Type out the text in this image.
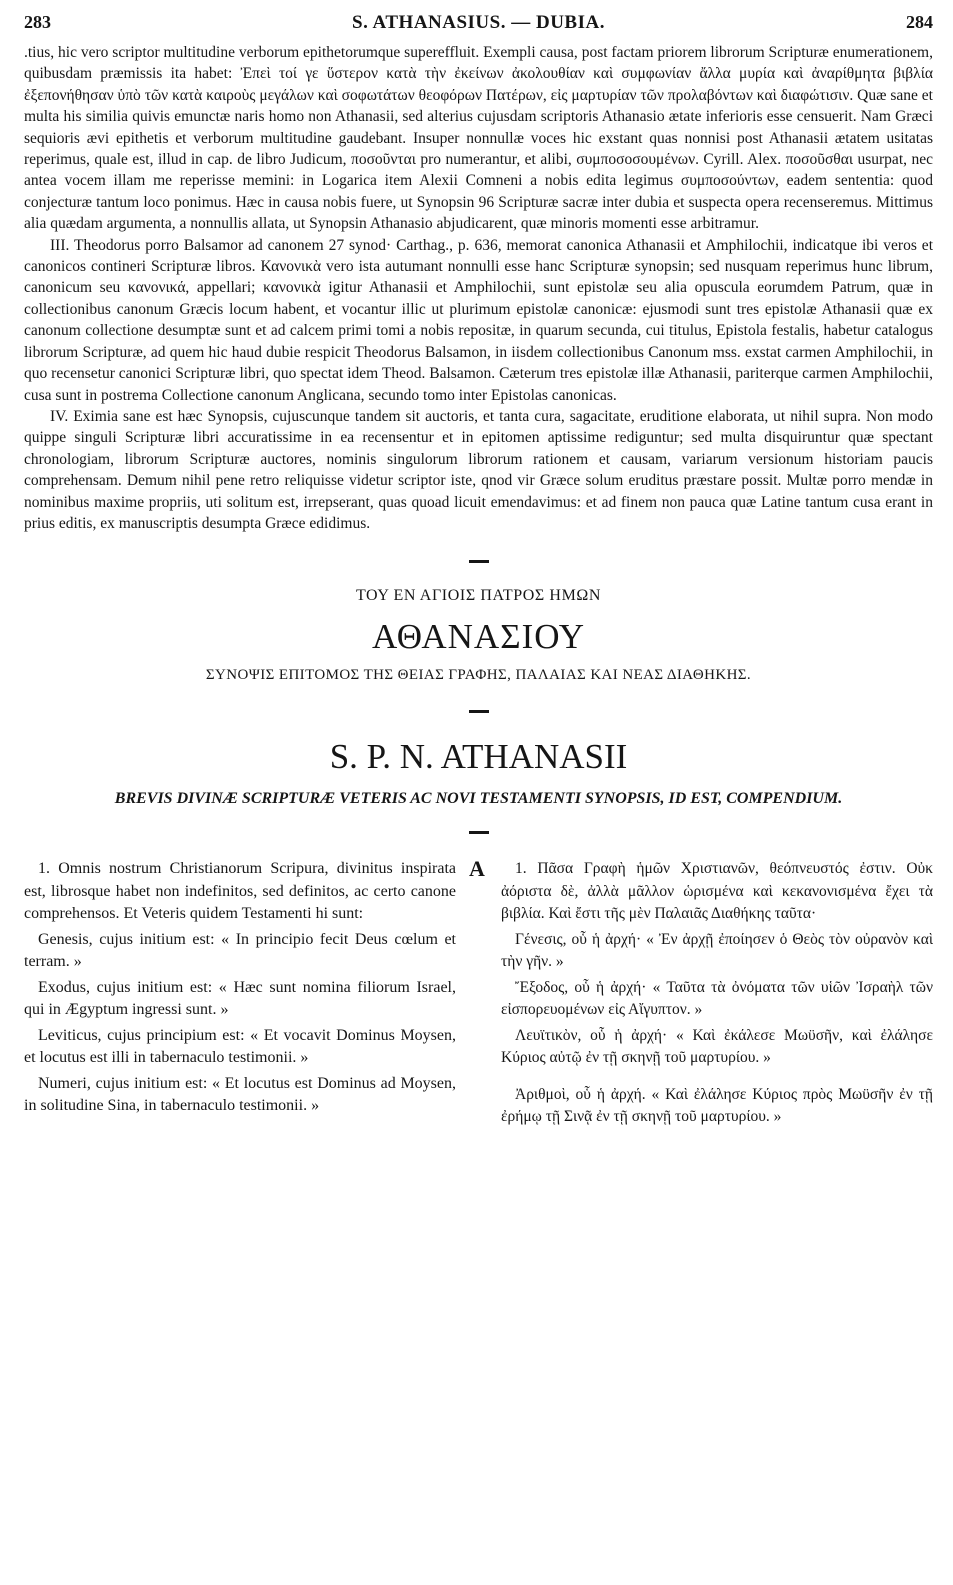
283	S. ATHANASIUS. — DUBIA.	284

.tius, hic vero scriptor multitudine verborum epithetorumque supereffluit. Exempli causa, post factam priorem librorum Scripturæ enumerationem, quibusdam præmissis ita habet: Ἐπεὶ τοί γε ὕστερον κατὰ τὴν ἐκείνων ἀκολουθίαν καὶ συμφωνίαν ἄλλα μυρία καὶ ἀναρίθμητα βιβλία ἐξεπονήθησαν ὑπὸ τῶν κατὰ καιροὺς μεγάλων καὶ σοφωτάτων θεοφόρων Πατέρων, εἰς μαρτυρίαν τῶν προλαβόντων καὶ διαφώτισιν. Quæ sane et multa his similia quivis emunctæ naris homo non Athanasii, sed alterius cujusdam scriptoris Athanasio ætate inferioris esse censuerit. Nam Græci sequioris ævi epithetis et verborum multitudine gaudebant. Insuper nonnullæ voces hic exstant quas nonnisi post Athanasii ætatem usitatas reperimus, quale est, illud in cap. de libro Judicum, ποσοῦνται pro numerantur, et alibi, συμποσοσουμένων. Cyrill. Alex. ποσοῦσθαι usurpat, nec antea vocem illam me reperisse memini: in Logarica item Alexii Comneni a nobis edita legimus συμποσούντων, eadem sententia: quod conjecturæ tantum loco ponimus. Hæc in causa nobis fuere, ut Synopsin 96 Scripturæ sacræ inter dubia et suspecta opera recenseremus. Mittimus alia quædam argumenta, a nonnullis allata, ut Synopsin Athanasio abjudicarent, quæ minoris momenti esse arbitramur.

III. Theodorus porro Balsamor ad canonem 27 synod· Carthag., p. 636, memorat canonica Athanasii et Amphilochii, indicatque ibi veros et canonicos contineri Scripturæ libros. Κανονικὰ vero ista autumant nonnulli esse hanc Scripturæ synopsin; sed nusquam reperimus hunc librum, canonicum seu κανονικά, appellari; κανονικὰ igitur Athanasii et Amphilochii, sunt epistolæ seu alia opuscula eorumdem Patrum, quæ in collectionibus canonum Græcis locum habent, et vocantur illic ut plurimum epistolæ canonicæ: ejusmodi sunt tres epistolæ Athanasii quæ ex canonum collectione desumptæ sunt et ad calcem primi tomi a nobis repositæ, in quarum secunda, cui titulus, Epistola festalis, habetur catalogus librorum Scripturæ, ad quem hic haud dubie respicit Theodorus Balsamon, in iisdem collectionibus Canonum mss. exstat carmen Amphilochii, in quo recensetur canonici Scripturæ libri, quo spectat idem Theod. Balsamon. Cæterum tres epistolæ illæ Athanasii, pariterque carmen Amphilochii, cusa sunt in postrema Collectione canonum Anglicana, secundo tomo inter Epistolas canonicas.

IV. Eximia sane est hæc Synopsis, cujuscunque tandem sit auctoris, et tanta cura, sagacitate, eruditione elaborata, ut nihil supra. Non modo quippe singuli Scripturæ libri accuratissime in ea recensentur et in epitomen aptissime rediguntur; sed multa disquiruntur quæ spectant chronologiam, librorum Scripturæ auctores, nominis singulorum librorum rationem et causam, variarum versionum historiam paucis comprehensam. Demum nihil pene retro reliquisse videtur scriptor iste, qnod vir Græce solum eruditus præstare possit. Multæ porro mendæ in nominibus maxime propriis, uti solitum est, irrepserant, quas quoad licuit emendavimus: et ad finem non pauca quæ Latine tantum cusa erant in prius editis, ex manuscriptis desumpta Græce edidimus.

ΤΟΥ ΕΝ ΑΓΙΟΙΣ ΠΑΤΡΟΣ ΗΜΩΝ
ΑΘΑΝΑΣΙΟΥ
ΣΥΝΟΨΙΣ ΕΠΙΤΟΜΟΣ ΤΗΣ ΘΕΙΑΣ ΓΡΑΦΗΣ, ΠΑΛΑΙΑΣ ΚΑΙ ΝΕΑΣ ΔΙΑΘΗΚΗΣ.
S. P. N. ATHANASII
BREVIS DIVINÆ SCRIPTURÆ VETERIS AC NOVI TESTAMENTI SYNOPSIS, ID EST, COMPENDIUM.

1. Omnis nostrum Christianorum Scripura, divinitus inspirata est, librosque habet non indefinitos, sed definitos, ac certo canone comprehensos. Et Veteris quidem Testamenti hi sunt:

Genesis, cujus initium est: « In principio fecit Deus cœlum et terram. »

Exodus, cujus initium est: « Hæc sunt nomina filiorum Israel, qui in Ægyptum ingressi sunt. »

Leviticus, cujus principium est: « Et vocavit Dominus Moysen, et locutus est illi in tabernaculo testimonii. »

Numeri, cujus initium est: « Et locutus est Dominus ad Moysen, in solitudine Sina, in tabernaculo testimonii. »

A	1. Πᾶσα Γραφὴ ἡμῶν Χριστιανῶν, θεόπνευστός ἐστιν. Οὐκ ἀόριστα δὲ, ἀλλὰ μᾶλλον ὡρισμένα καὶ κεκανονισμένα ἔχει τὰ βιβλία. Καὶ ἔστι τῆς μὲν Παλαιᾶς Διαθήκης ταῦτα·

Γένεσις, οὗ ἡ ἀρχή· « Ἐν ἀρχῇ ἐποίησεν ὁ Θεὸς τὸν οὐρανὸν καὶ τὴν γῆν. »

Ἔξοδος, οὗ ἡ ἀρχή· « Ταῦτα τὰ ὀνόματα τῶν υἱῶν Ἰσραὴλ τῶν εἰσπορευομένων εἰς Αἴγυπτον. »

Λευϊτικὸν, οὗ ἡ ἀρχή· « Καὶ ἐκάλεσε Μωϋσῆν, καὶ ἐλάλησε Κύριος αὐτῷ ἐν τῇ σκηνῇ τοῦ μαρτυρίου. »

Ἀριθμοὶ, οὗ ἡ ἀρχή. « Καὶ ἐλάλησε Κύριος πρὸς Μωϋσῆν ἐν τῇ ἐρήμῳ τῇ Σινᾷ ἐν τῇ σκηνῇ τοῦ μαρτυρίου. »
